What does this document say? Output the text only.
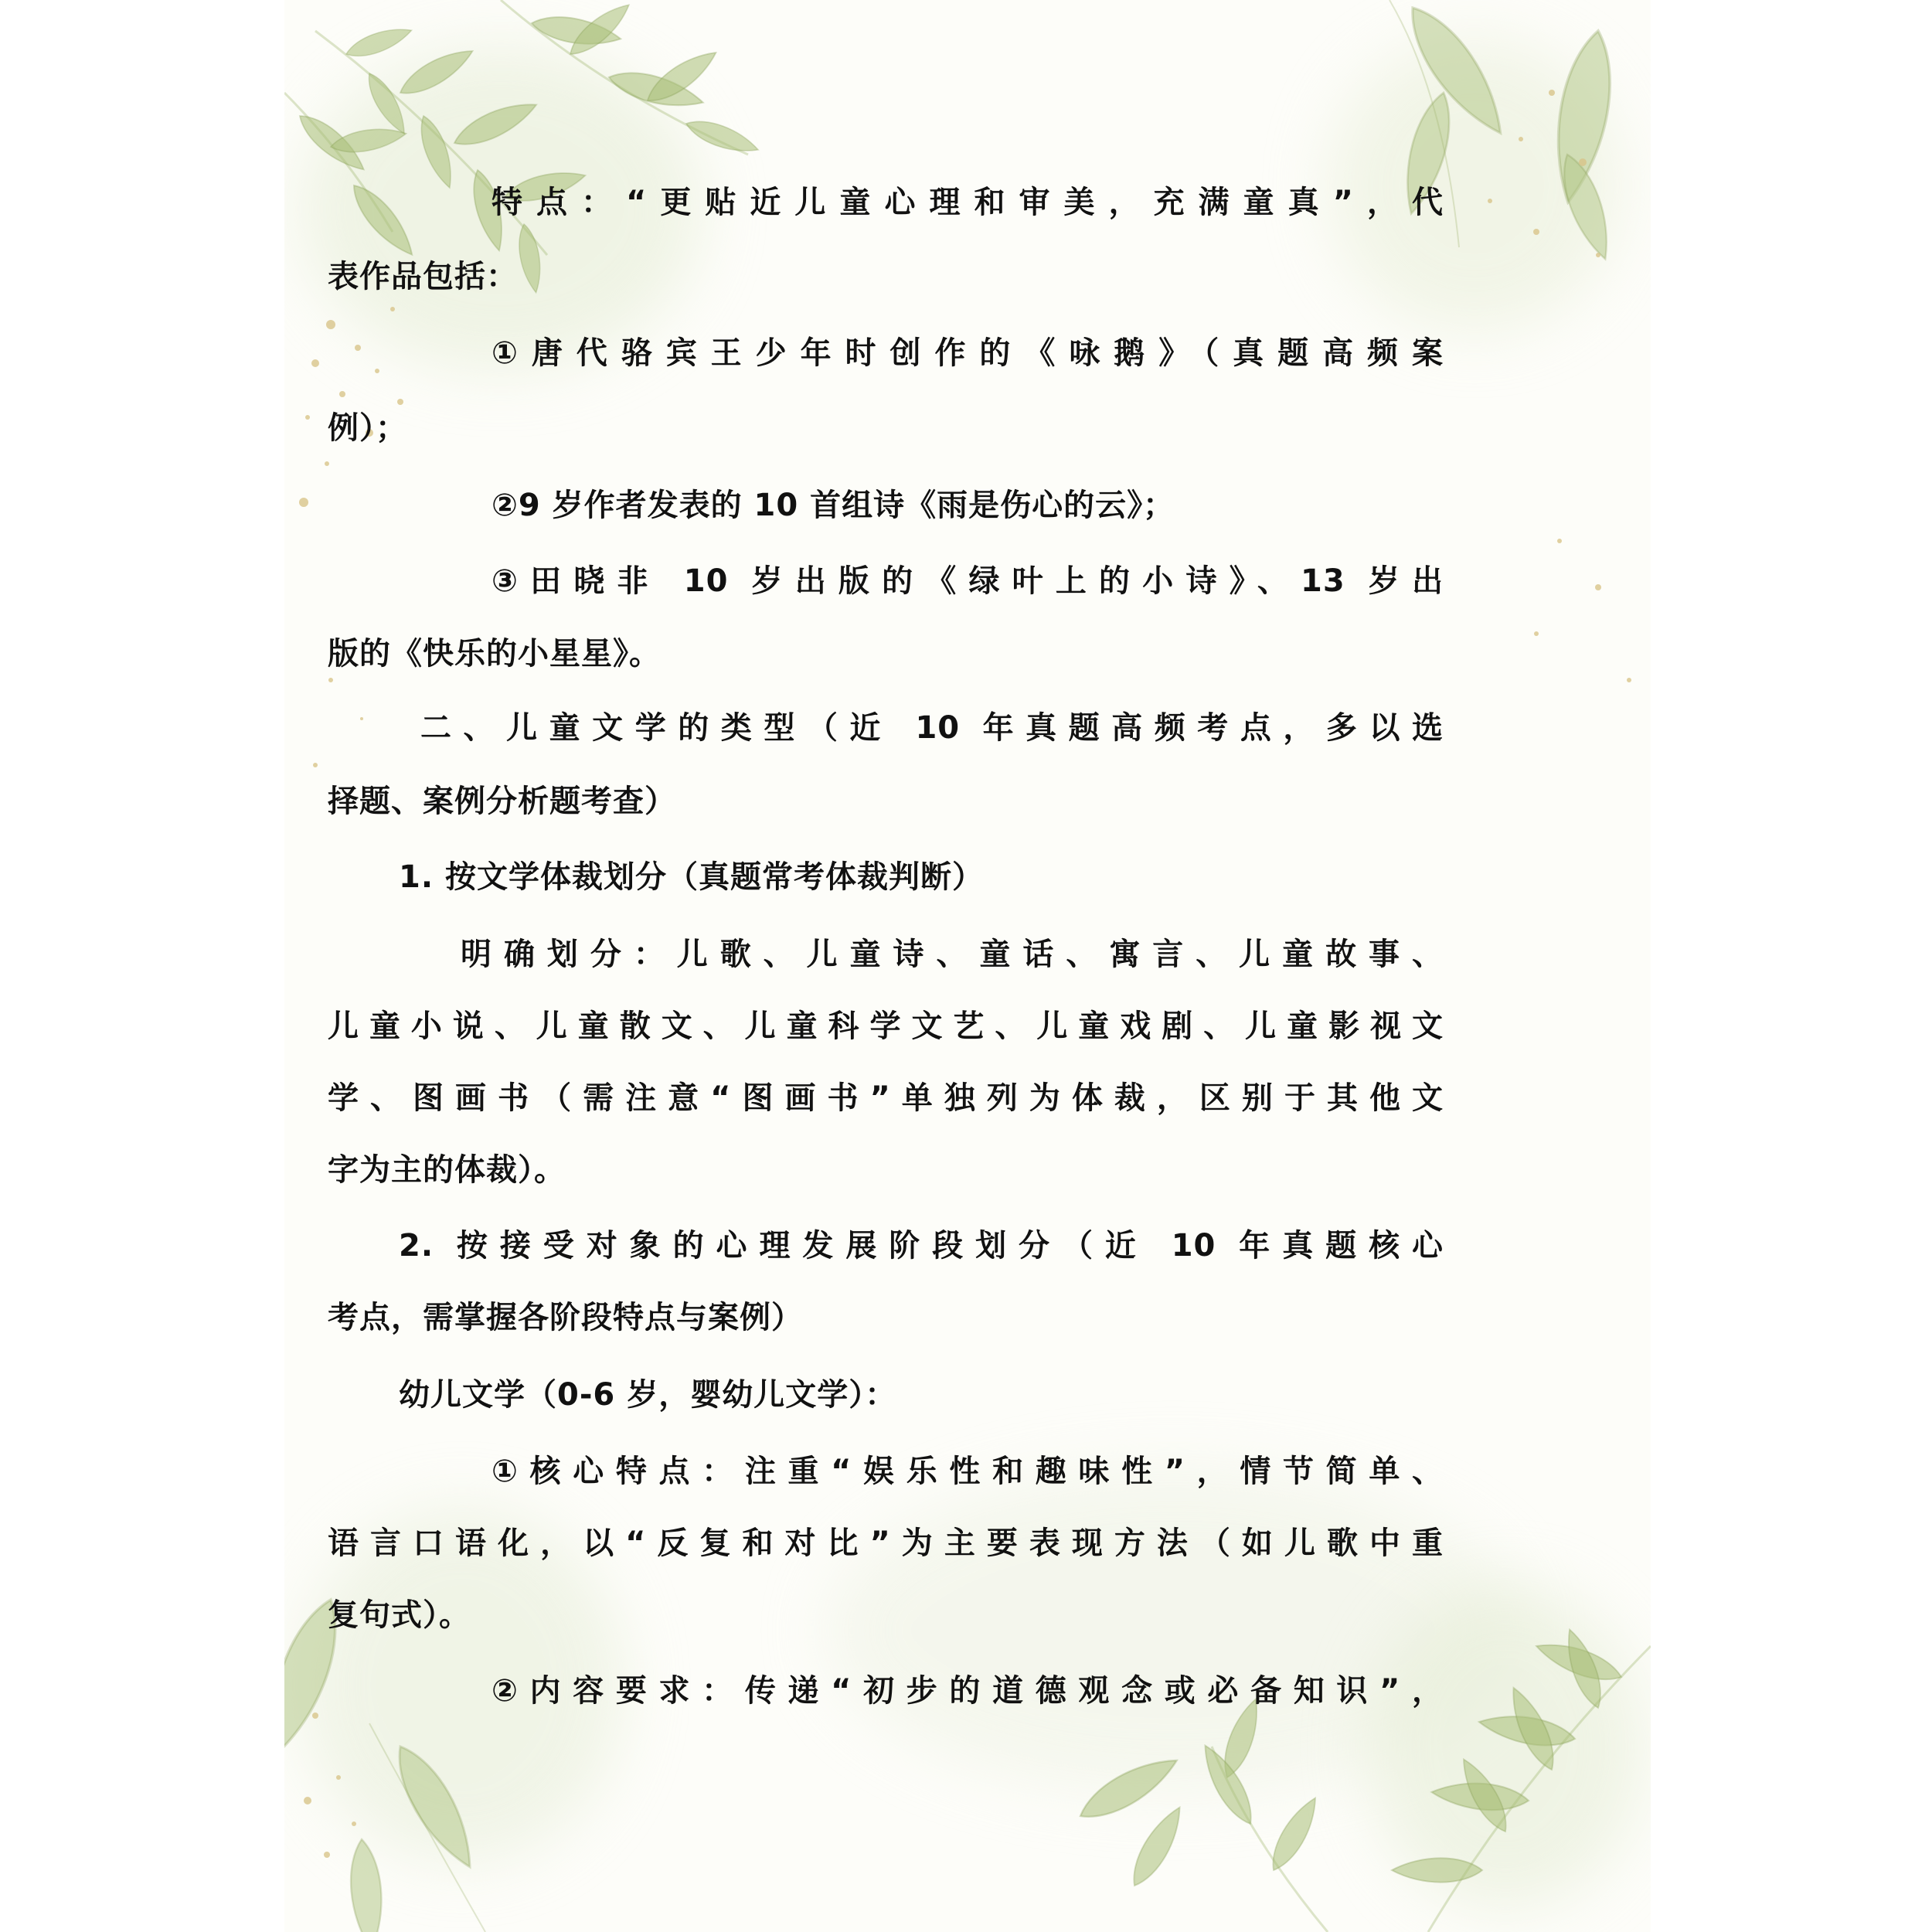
特点：“更贴近儿童心理和审美，充满童真”，代
表作品包括：
①唐代骆宾王少年时创作的《咏鹅》（真题高频案
例）；
②9 岁作者发表的 10 首组诗《雨是伤心的云》；
③田晓非 10 岁出版的《绿叶上的小诗》、13 岁出
版的《快乐的小星星》。
二、儿童文学的类型（近 10 年真题高频考点，多以选
择题、案例分析题考查）
1. 按文学体裁划分（真题常考体裁判断）
明确划分：儿歌、儿童诗、童话、寓言、儿童故事、
儿童小说、儿童散文、儿童科学文艺、儿童戏剧、儿童影视文
学、图画书（需注意“图画书”单独列为体裁，区别于其他文
字为主的体裁）。
2. 按接受对象的心理发展阶段划分（近 10 年真题核心
考点，需掌握各阶段特点与案例）
幼儿文学（0-6 岁，婴幼儿文学）：
①核心特点：注重“娱乐性和趣味性”，情节简单、
语言口语化，以“反复和对比”为主要表现方法（如儿歌中重
复句式）。
②内容要求：传递“初步的道德观念或必备知识”，
